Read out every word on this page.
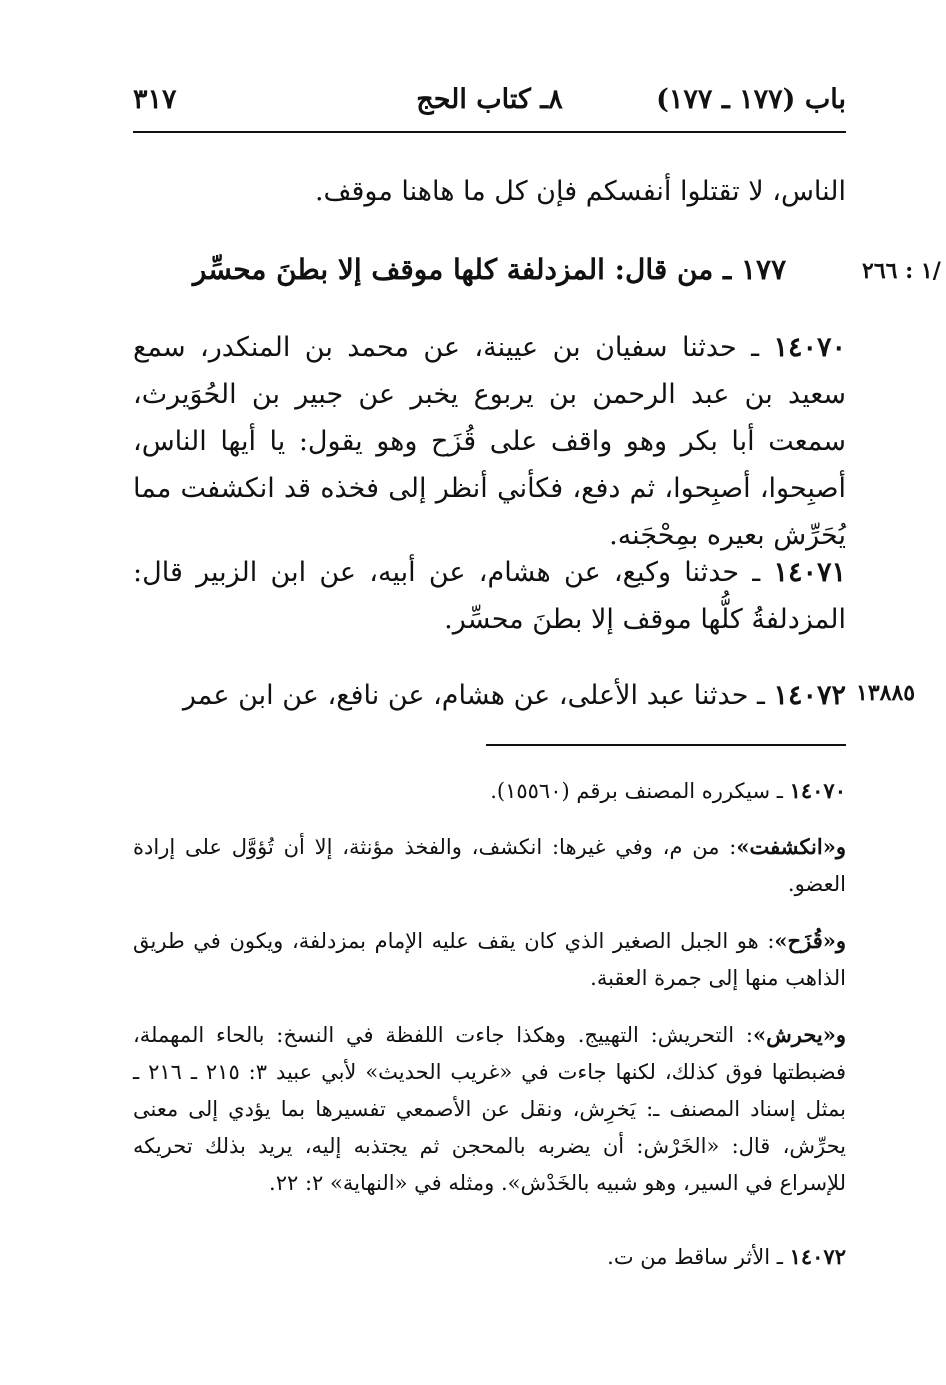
٣١٧	٨ـ كتاب الحج	باب (١٧٧ ـ ١٧٧)
الناس، لا تقتلوا أنفسكم فإن كل ما هاهنا موقف.
/١ : ٢٦٦
١٧٧ ـ من قال: المزدلفة كلها موقف إلا بطنَ محسِّر
١٤٠٧٠ ـ حدثنا سفيان بن عيينة، عن محمد بن المنكدر، سمع سعيد بن عبد الرحمن بن يربوع يخبر عن جبير بن الحُوَيرث، سمعت أبا بكر وهو واقف على قُزَح وهو يقول: يا أيها الناس، أصبِحوا، أصبِحوا، ثم دفع، فكأني أنظر إلى فخذه قد انكشفت مما يُحَرِّش بعيره بمِحْجَنه.
١٤٠٧١ ـ حدثنا وكيع، عن هشام، عن أبيه، عن ابن الزبير قال: المزدلفةُ كلُّها موقف إلا بطنَ محسِّر.
١٣٨٨٥
١٤٠٧٢ ـ حدثنا عبد الأعلى، عن هشام، عن نافع، عن ابن عمر
١٤٠٧٠ ـ سيكرره المصنف برقم (١٥٥٦٠).
و«انكشفت»: من م، وفي غيرها: انكشف، والفخذ مؤنثة، إلا أن تُؤوَّل على إرادة العضو.
و«قُزَح»: هو الجبل الصغير الذي كان يقف عليه الإمام بمزدلفة، ويكون في طريق الذاهب منها إلى جمرة العقبة.
و«يحرش»: التحريش: التهييج. وهكذا جاءت اللفظة في النسخ: بالحاء المهملة، فضبطتها فوق كذلك، لكنها جاءت في «غريب الحديث» لأبي عبيد ٣: ٢١٥ ـ ٢١٦ ـ بمثل إسناد المصنف ـ: يَخرِش، ونقل عن الأصمعي تفسيرها بما يؤدي إلى معنى يحرِّش، قال: «الخَرْش: أن يضربه بالمحجن ثم يجتذبه إليه، يريد بذلك تحريكه للإسراع في السير، وهو شبيه بالخَدْش». ومثله في «النهاية» ٢: ٢٢.
١٤٠٧٢ ـ الأثر ساقط من ت.
